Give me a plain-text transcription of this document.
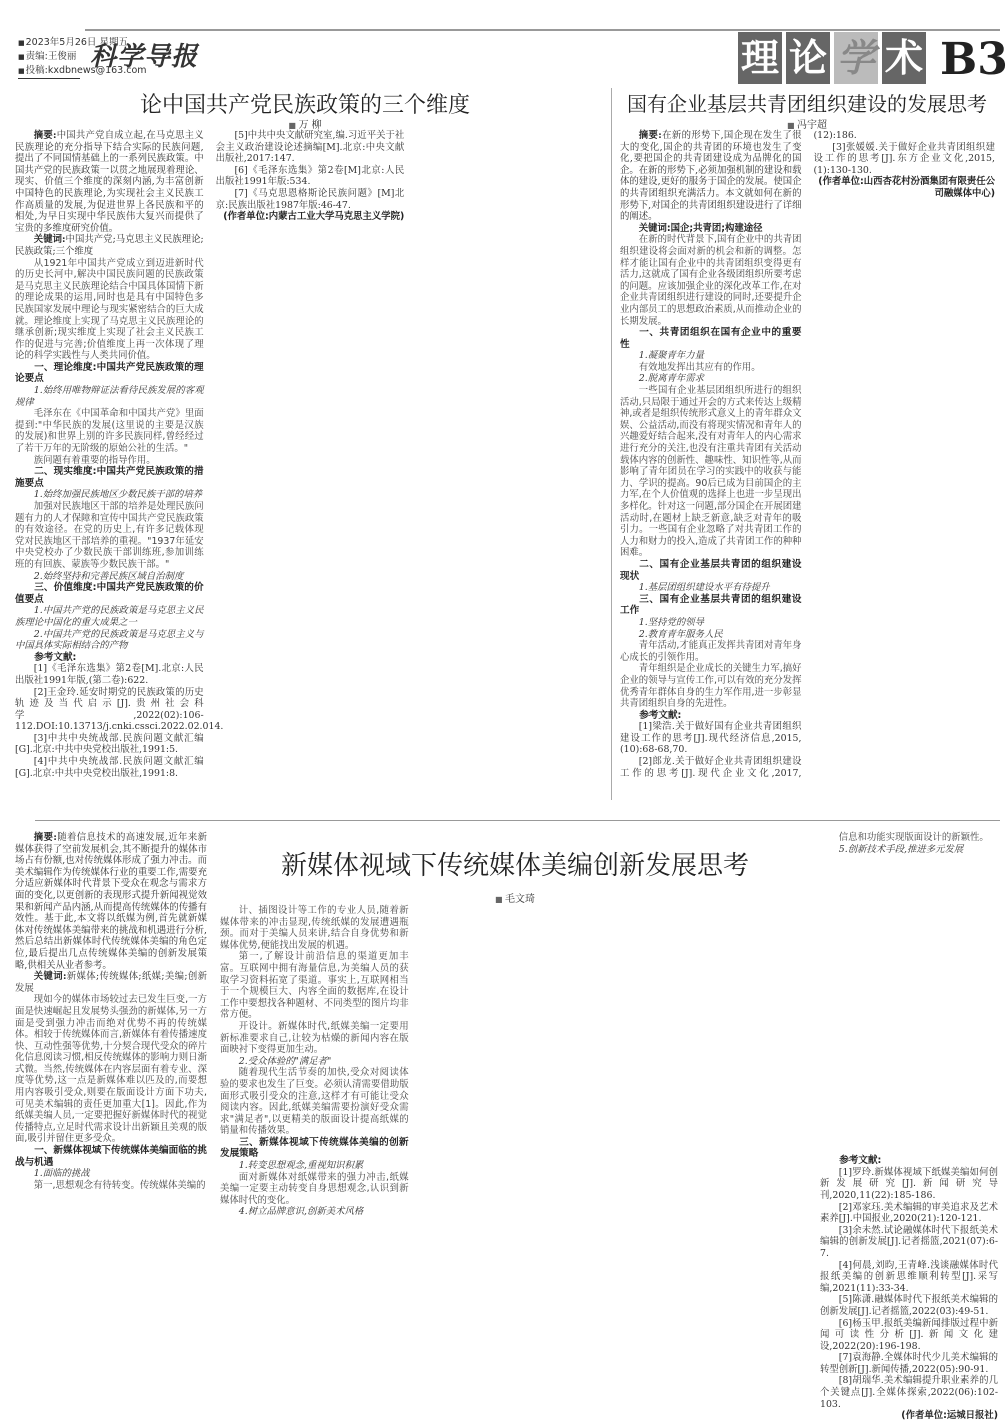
■ 2023年5月26日 星期五
■ 责编:王俊丽
■ 投稿:kxdbnews@163.com
科学导报	理 论 学 术 B3
论中国共产党民族政策的三个维度
■ 万 柳

摘要:中国共产党自成立起,在马克思主义民族理论的充分指导下结合实际的民族问题,提出了不同国情基础上的一系列民族政策。中国共产党的民族政策一以贯之地展现着理论、现实、价值三个维度的深刻内涵,为丰富创新中国特色的民族理论,为实现社会主义民族工作高质量的发展,为促进世界上各民族和平的相处,为早日实现中华民族伟大复兴而提供了宝贵的多维度研究价值。

关键词:中国共产党;马克思主义民族理论;民族政策;三个维度

从1921年中国共产党成立到迈进新时代的历史长河中,解决中国民族问题的民族政策是马克思主义民族理论结合中国具体国情下新的理论成果的运用,同时也是具有中国特色多民族国家发展中理论与现实紧密结合的巨大成就。理论维度上实现了马克思主义民族理论的继承创新;现实维度上实现了社会主义民族工作的促进与完善;价值维度上再一次体现了理论的科学实践性与人类共同价值。

一、理论维度:中国共产党民族政策的理论要点
1.始终用唯物辩证法看待民族发展的客观规律

毛泽东在《中国革命和中国共产党》里面提到:"中华民族的发展(这里说的主要是汉族的发展)和世界上别的许多民族同样,曾经经过了若干万年的无阶级的原始公社的生活。"

族问题有着重要的指导作用。

二、现实维度:中国共产党民族政策的措施要点
1.始终加强民族地区少数民族干部的培养

加强对民族地区干部的培养是处理民族问题有力的人才保障和宣传中国共产党民族政策的有效途径。在党的历史上,有许多记载体现党对民族地区干部培养的重视。"1937年延安中央党校办了少数民族干部训练班,参加训练班的有回族、蒙族等少数民族干部。"

2.始终坚持和完善民族区域自治制度
三、价值维度:中国共产党民族政策的价值要点
1.中国共产党的民族政策是马克思主义民族理论中国化的重大成果之一
2.中国共产党的民族政策是马克思主义与中国具体实际相结合的产物
参考文献:

[1]《毛泽东选集》第2卷[M].北京:人民出版社1991年版,(第二卷):622.

[2]王金玲.延安时期党的民族政策的历史轨迹及当代启示[J].贵州社会科学,2022(02):106-112.DOI:10.13713/j.cnki.cssci.2022.02.014.

[3]中共中央统战部.民族问题文献汇编[G].北京:中共中央党校出版社,1991:5.

[4]中共中央统战部.民族问题文献汇编[G].北京:中共中央党校出版社,1991:8.

[5]中共中央文献研究室,编.习近平关于社会主义政治建设论述摘编[M].北京:中央文献出版社,2017:147.

[6]《毛泽东选集》第2卷[M]北京:人民出版社1991年版:534.

[7]《马克思恩格斯论民族问题》[M]北京:民族出版社1987年版:46-47.

(作者单位:内蒙古工业大学马克思主义学院)

国有企业基层共青团组织建设的发展思考
■ 冯宇超

摘要:在新的形势下,国企现在发生了很大的变化,国企的共青团的环境也发生了变化,要把国企的共青团建设成为品牌化的国企。在新的形势下,必须加强机制的建设和载体的建设,更好的服务于国企的发展。使国企的共青团组织充满活力。本文就如何在新的形势下,对国企的共青团组织建设进行了详细的阐述。

关键词:国企;共青团;构建途径

在新的时代背景下,国有企业中的共青团组织建设将会面对新的机会和新的调整。怎样才能让国有企业中的共青团组织变得更有活力,这就成了国有企业各级团组织所要考虑的问题。应该加强企业的深化改革工作,在对企业共青团组织进行建设的同时,还要提升企业内部员工的思想政治素质,从而推动企业的长期发展。

一、共青团组织在国有企业中的重要性
1.凝聚青年力量

有效地发挥出其应有的作用。

2.脱离青年需求

一些国有企业基层团组织所进行的组织活动,只局限于通过开会的方式来传达上级精神,或者是组织传统形式意义上的青年群众文娱、公益活动,而没有将现实情况和青年人的兴趣爱好结合起来,没有对青年人的内心需求进行充分的关注,也没有注重共青团有关活动载体内容的创新性、趣味性、知识性等,从而影响了青年团员在学习的实践中的收获与能力、学识的提高。90后已成为目前国企的主力军,在个人价值观的选择上也进一步呈现出多样化。针对这一问题,部分国企在开展团建活动时,在题材上缺乏新意,缺乏对青年的吸引力。一些国有企业忽略了对共青团工作的人力和财力的投入,造成了共青团工作的种种困难。

二、国有企业基层共青团的组织建设现状
1.基层团组织建设水平有待提升
三、国有企业基层共青团的组织建设工作
1.坚持党的领导
2.教育青年服务人民

青年活动,才能真正发挥共青团对青年身心成长的引领作用。

青年组织是企业成长的关键生力军,搞好企业的领导与宣传工作,可以有效的充分发挥优秀青年群体自身的生力军作用,进一步彰显共青团组织自身的先进性。

参考文献:

[1]梁浩.关于做好国有企业共青团组织建设工作的思考[J].现代经济信息,2015,(10):68-68,70.

[2]郎龙.关于做好企业共青团组织建设工作的思考[J].现代企业文化,2017,(12):186.

[3]张媛媛.关于做好企业共青团组织建设工作的思考[J].东方企业文化,2015,(1):130-130.

(作者单位:山西杏花村汾酒集团有限责任公司融媒体中心)

新媒体视域下传统媒体美编创新发展思考
■ 毛文琦

摘要:随着信息技术的高速发展,近年来新媒体获得了空前发展机会,其不断提升的媒体市场占有份额,也对传统媒体形成了强力冲击。而美术编辑作为传统媒体行业的重要工作,需要充分适应新媒体时代背景下受众在观念与需求方面的变化,以更创新的表现形式提升新闻视觉效果和新闻产品内涵,从而提高传统媒体的传播有效性。基于此,本文将以纸媒为例,首先就新媒体对传统媒体美编带来的挑战和机遇进行分析,然后总结出新媒体时代传统媒体美编的角色定位,最后提出几点传统媒体美编的创新发展策略,供相关从业者参考。

关键词:新媒体;传统媒体;纸媒;美编;创新发展

现如今的媒体市场较过去已发生巨变,一方面是快速崛起且发展势头强劲的新媒体,另一方面是受到强力冲击而绝对优势不再的传统媒体。相较于传统媒体而言,新媒体有着传播速度快、互动性强等优势,十分契合现代受众的碎片化信息阅读习惯,相反传统媒体的影响力则日渐式微。当然,传统媒体在内容层面有着专业、深度等优势,这一点是新媒体难以匹及的,而要想用内容吸引受众,则要在版面设计方面下功夫,可见美术编辑的责任更加重大[1]。因此,作为纸媒美编人员,一定要把握好新媒体时代的视觉传播特点,立足时代需求设计出新颖且美观的版面,吸引并留住更多受众。

一、新媒体视域下传统媒体美编面临的挑战与机遇
1.面临的挑战

第一,思想观念有待转变。传统媒体美编的

计、插图设计等工作的专业人员,随着新媒体带来的冲击显现,传统纸媒的发展遭遇瓶颈。而对于美编人员来讲,结合自身优势和新媒体优势,便能找出发展的机遇。

第一,了解设计前沿信息的渠道更加丰富。互联网中拥有海量信息,为美编人员的获取学习资料拓宽了渠道。事实上,互联网相当于一个规模巨大、内容全面的数据库,在设计工作中要想找各种题材、不同类型的图片均非常方便。

开设计。新媒体时代,纸媒美编一定要用新标准要求自己,让较为枯燥的新闻内容在版面映衬下变得更加生动。

2.受众体验的"满足者"

随着现代生活节奏的加快,受众对阅读体验的要求也发生了巨变。必须认清需要借助版面形式吸引受众的注意,这样才有可能让受众阅读内容。因此,纸媒美编需要扮演好受众需求"满足者",以更精美的版面设计提高纸媒的销量和传播效果。

三、新媒体视域下传统媒体美编的创新发展策略
1.转变思想观念,重视知识积累

面对新媒体对纸媒带来的强力冲击,纸媒美编一定要主动转变自身思想观念,认识到新媒体时代的变化。

4.树立品牌意识,创新美术风格

信息和功能实现版面设计的新颖性。

5.创新技术手段,推进多元发展
参考文献:

[1]罗玲.新媒体视域下纸媒美编如何创新发展研究[J].新闻研究导刊,2020,11(22):185-186.

[2]邓家珏.美术编辑的审美追求及艺术素养[J].中国报业,2020(21):120-121.

[3]余未然.试论融媒体时代下报纸美术编辑的创新发展[J].记者摇篮,2021(07):6-7.

[4]何晨,刘昀,王青峰.浅谈融媒体时代报纸美编的创新思维顺利转型[J].采写编,2021(11):33-34.

[5]陈潇.融媒体时代下报纸美术编辑的创新发展[J].记者摇篮,2022(03):49-51.

[6]杨玉甲.报纸美编新闻排版过程中新闻可读性分析[J].新闻文化建设,2022(20):196-198.

[7]袁海静.全媒体时代少儿美术编辑的转型创新[J].新闻传播,2022(05):90-91.

[8]胡瑞华.美术编辑提升职业素养的几个关键点[J].全媒体探索,2022(06):102-103.

(作者单位:运城日报社)
